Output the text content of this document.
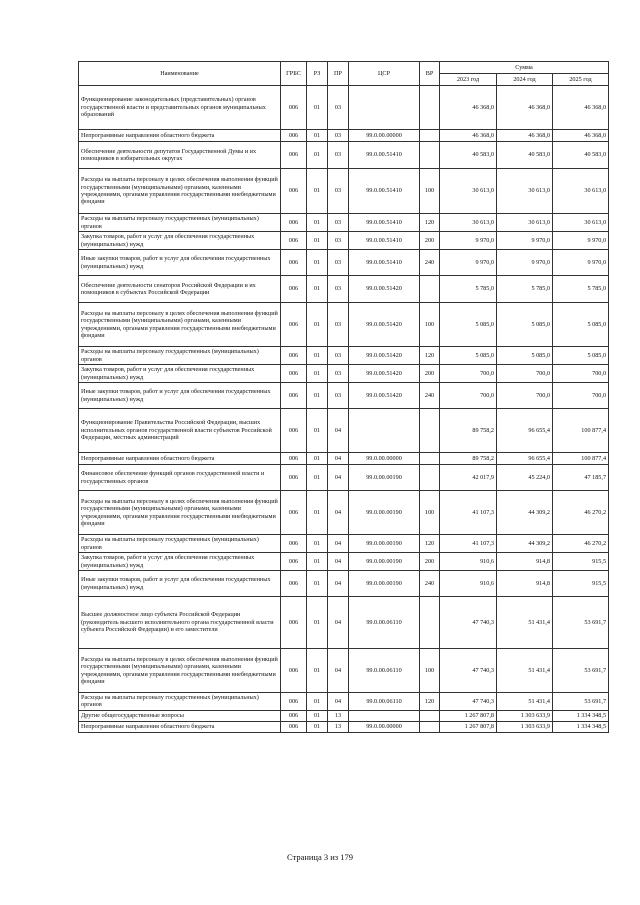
Наименование	ГРБС	РЗ	ПР	ЦСР	ВР	Сумма		
						2023 год	2024 год	2025 год
Функционирование законодательных (представительных) органов государственной власти и представительных органов муниципальных образований	006	01	03			46 368,0	46 368,0	46 368,0
Непрограммные направления областного бюджета	006	01	03	99.0.00.00000		46 368,0	46 368,0	46 368,0
Обеспечение деятельности депутатов Государственной Думы и их помощников в избирательных округах	006	01	03	99.0.00.51410		40 583,0	40 583,0	40 583,0
Расходы на выплаты персоналу в целях обеспечения выполнения функций государственными (муниципальными) органами, казенными учреждениями, органами управления государственными внебюджетными фондами	006	01	03	99.0.00.51410	100	30 613,0	30 613,0	30 613,0
Расходы на выплаты персоналу государственных (муниципальных) органов	006	01	03	99.0.00.51410	120	30 613,0	30 613,0	30 613,0
Закупка товаров, работ и услуг для обеспечения государственных (муниципальных) нужд	006	01	03	99.0.00.51410	200	9 970,0	9 970,0	9 970,0
Иные закупки товаров, работ и услуг для обеспечения государственных (муниципальных) нужд	006	01	03	99.0.00.51410	240	9 970,0	9 970,0	9 970,0
Обеспечение деятельности сенаторов Российской Федерации и их помощников в субъектах Российской Федерации	006	01	03	99.0.00.51420		5 785,0	5 785,0	5 785,0
Расходы на выплаты персоналу в целях обеспечения выполнения функций государственными (муниципальными) органами, казенными учреждениями, органами управления государственными внебюджетными фондами	006	01	03	99.0.00.51420	100	5 085,0	5 085,0	5 085,0
Расходы на выплаты персоналу государственных (муниципальных) органов	006	01	03	99.0.00.51420	120	5 085,0	5 085,0	5 085,0
Закупка товаров, работ и услуг для обеспечения государственных (муниципальных) нужд	006	01	03	99.0.00.51420	200	700,0	700,0	700,0
Иные закупки товаров, работ и услуг для обеспечения государственных (муниципальных) нужд	006	01	03	99.0.00.51420	240	700,0	700,0	700,0
Функционирование Правительства Российской Федерации, высших исполнительных органов государственной власти субъектов Российской Федерации, местных администраций	006	01	04			89 758,2	96 655,4	100 877,4
Непрограммные направления областного бюджета	006	01	04	99.0.00.00000		89 758,2	96 655,4	100 877,4
Финансовое обеспечение функций органов государственной власти и государственных органов	006	01	04	99.0.00.00190		42 017,9	45 224,0	47 185,7
Расходы на выплаты персоналу в целях обеспечения выполнения функций государственными (муниципальными) органами, казенными учреждениями, органами управления государственными внебюджетными фондами	006	01	04	99.0.00.00190	100	41 107,3	44 309,2	46 270,2
Расходы на выплаты персоналу государственных (муниципальных) органов	006	01	04	99.0.00.00190	120	41 107,3	44 309,2	46 270,2
Закупка товаров, работ и услуг для обеспечения государственных (муниципальных) нужд	006	01	04	99.0.00.00190	200	910,6	914,8	915,5
Иные закупки товаров, работ и услуг для обеспечения государственных (муниципальных) нужд	006	01	04	99.0.00.00190	240	910,6	914,8	915,5
Высшее должностное лицо субъекта Российской Федерации (руководитель высшего исполнительного органа государственной власти субъекта Российской Федерации) и его заместители	006	01	04	99.0.00.06110		47 740,3	51 431,4	53 691,7
Расходы на выплаты персоналу в целях обеспечения выполнения функций государственными (муниципальными) органами, казенными учреждениями, органами управления государственными внебюджетными фондами	006	01	04	99.0.00.06110	100	47 740,3	51 431,4	53 691,7
Расходы на выплаты персоналу государственных (муниципальных) органов	006	01	04	99.0.00.06110	120	47 740,3	51 431,4	53 691,7
Другие общегосударственные вопросы	006	01	13			1 267 807,8	1 303 633,9	1 334 348,5
Непрограммные направления областного бюджета	006	01	13	99.0.00.00000		1 267 807,8	1 303 633,9	1 334 348,5
Страница 3 из 179
